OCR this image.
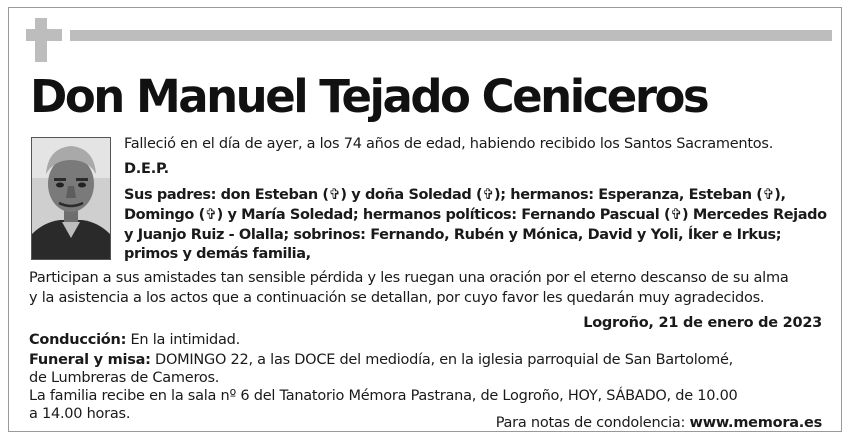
Don Manuel Tejado Ceniceros
Falleció en el día de ayer, a los 74 años de edad, habiendo recibido los Santos Sacramentos.
D.E.P.
Sus padres: don Esteban (✞) y doña Soledad (✞); hermanos: Esperanza, Esteban (✞),
Domingo (✞) y María Soledad; hermanos políticos: Fernando Pascual (✞) Mercedes Rejado
y Juanjo Ruiz - Olalla; sobrinos: Fernando, Rubén y Mónica, David y Yoli, Íker e Irkus;
primos y demás familia,
Participan a sus amistades tan sensible pérdida y les ruegan una oración por el eterno descanso de su alma
y la asistencia a los actos que a continuación se detallan, por cuyo favor les quedarán muy agradecidos.
Logroño, 21 de enero de 2023
Conducción: En la intimidad.
Funeral y misa: DOMINGO 22, a las DOCE del mediodía, en la iglesia parroquial de San Bartolomé,
de Lumbreras de Cameros.
La familia recibe en la sala nº 6 del Tanatorio Mémora Pastrana, de Logroño, HOY, SÁBADO, de 10.00
a 14.00 horas.
Para notas de condolencia: www.memora.es
